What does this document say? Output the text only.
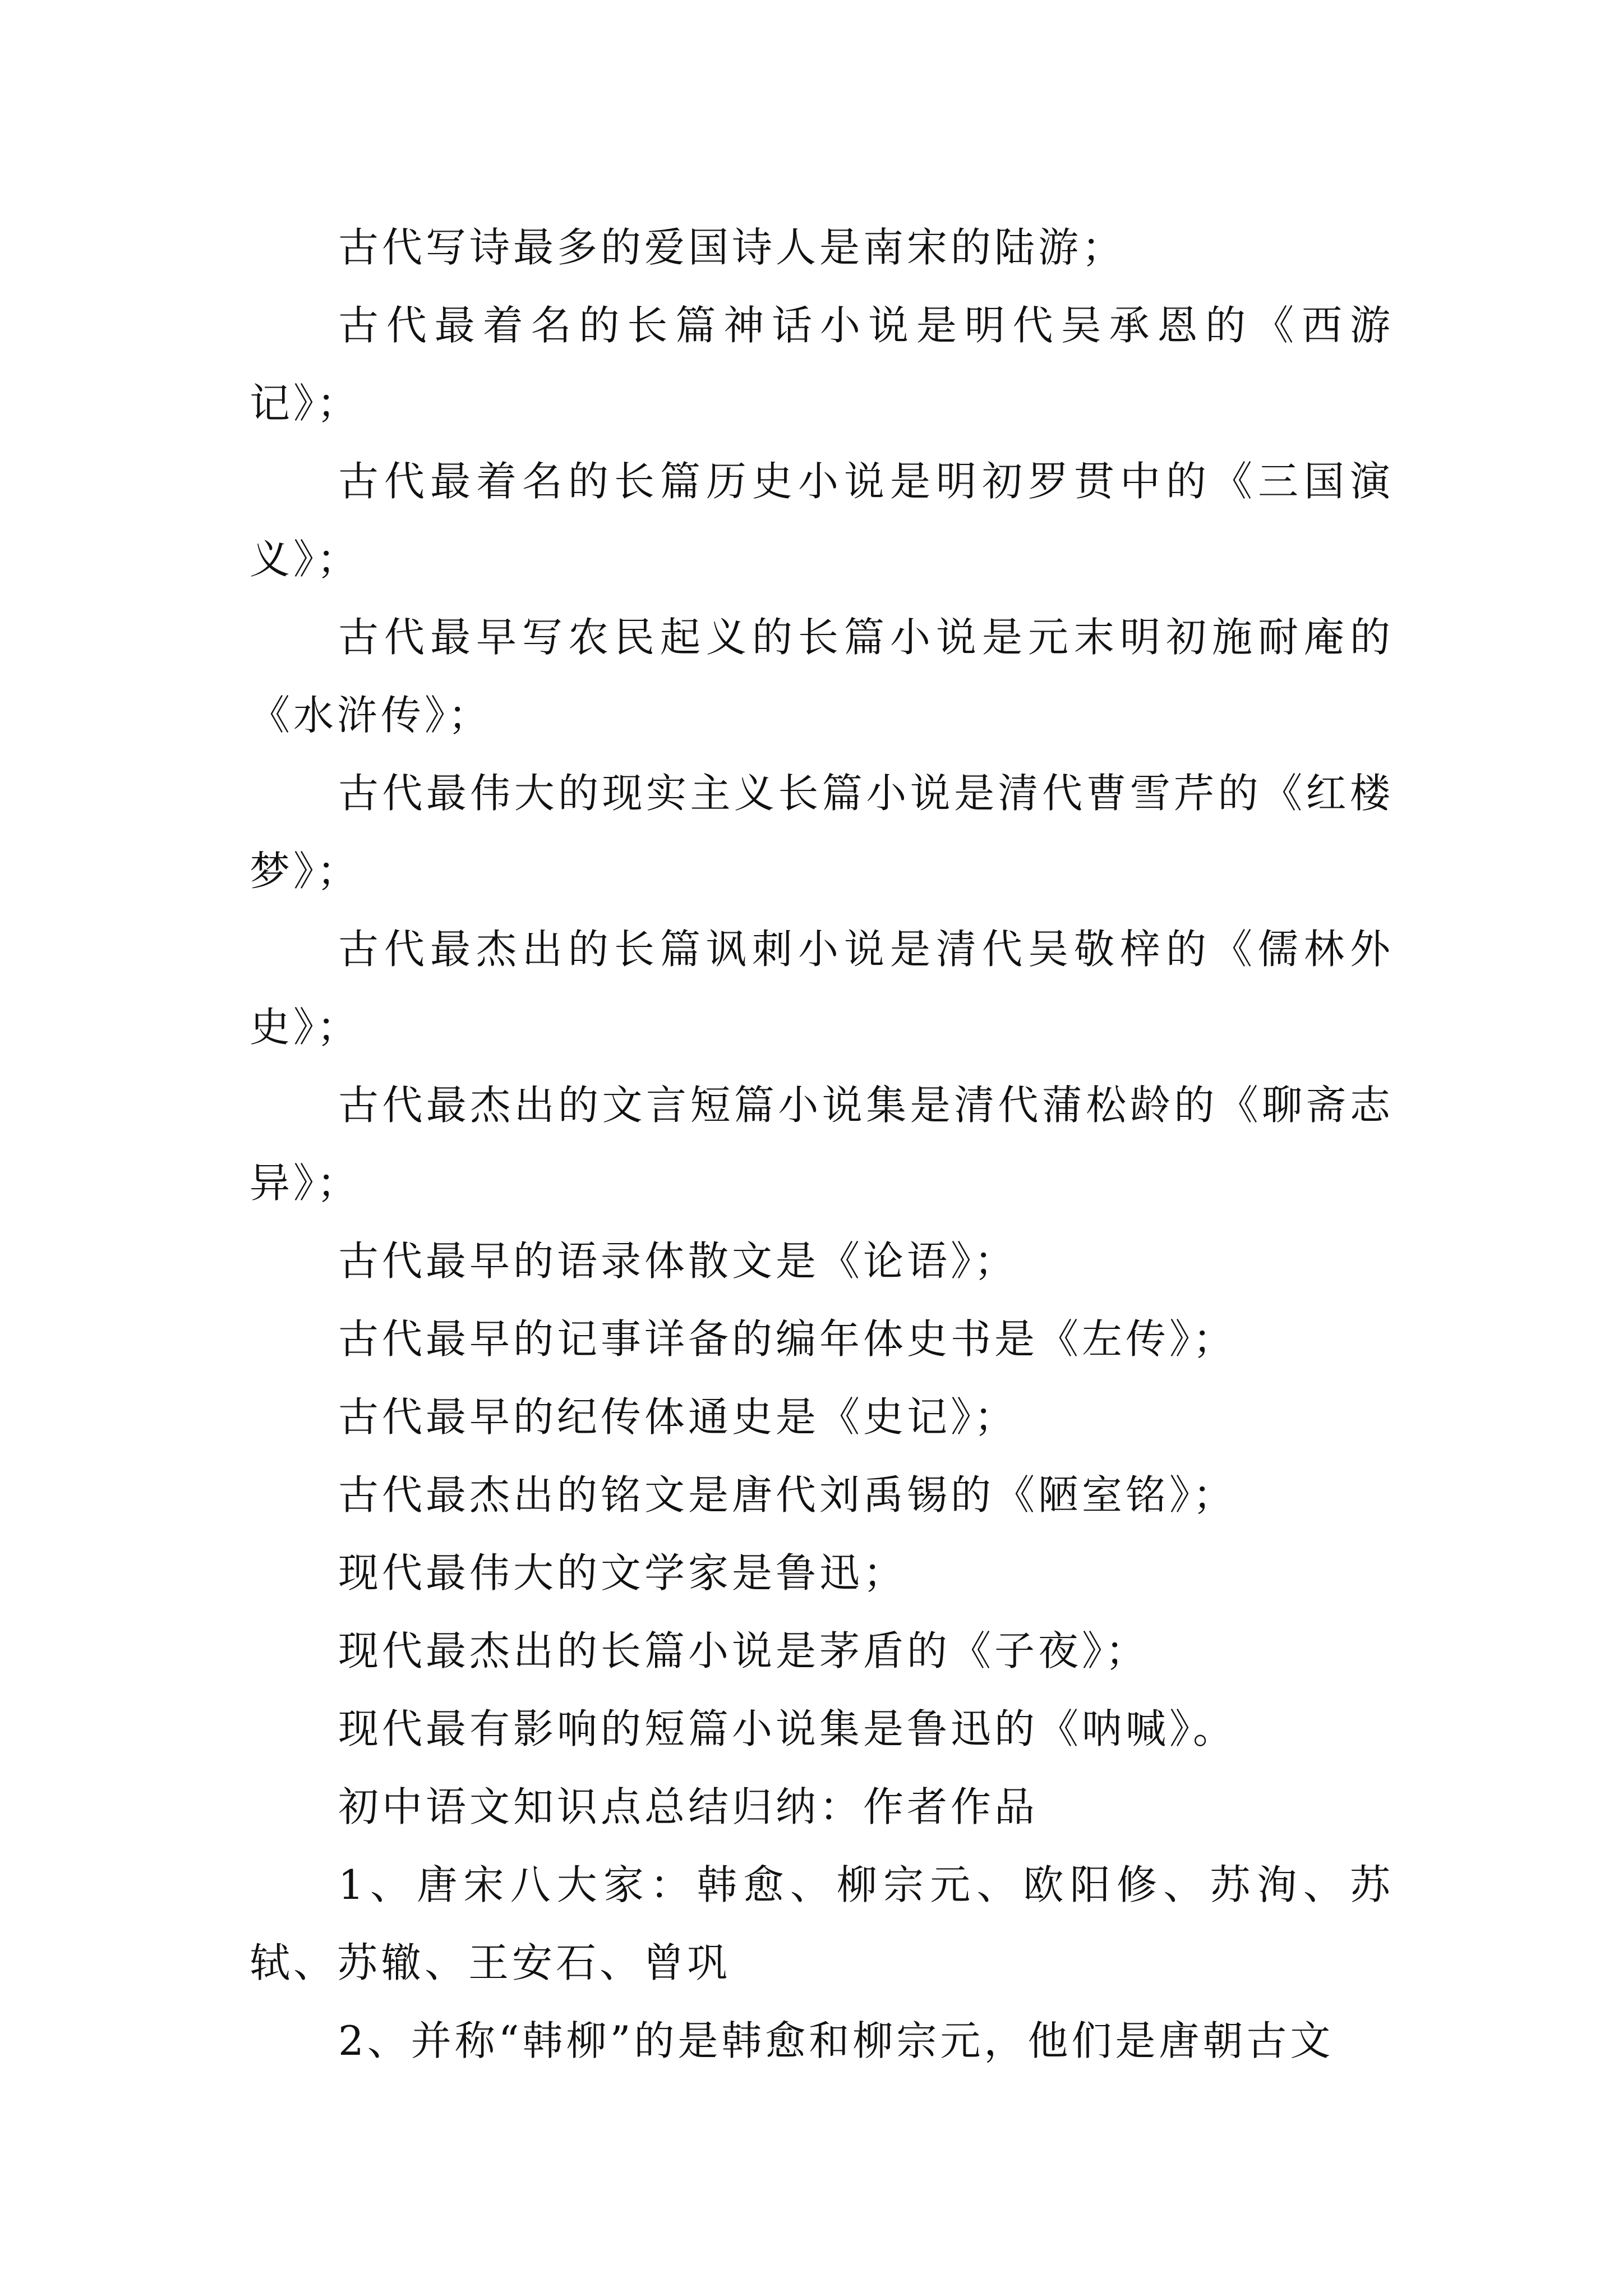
古代写诗最多的爱国诗人是南宋的陆游；

古代最着名的长篇神话小说是明代吴承恩的《西游记》；

古代最着名的长篇历史小说是明初罗贯中的《三国演义》；

古代最早写农民起义的长篇小说是元末明初施耐庵的《水浒传》；

古代最伟大的现实主义长篇小说是清代曹雪芹的《红楼梦》；

古代最杰出的长篇讽刺小说是清代吴敬梓的《儒林外史》；

古代最杰出的文言短篇小说集是清代蒲松龄的《聊斋志异》；

古代最早的语录体散文是《论语》；

古代最早的记事详备的编年体史书是《左传》；

古代最早的纪传体通史是《史记》；

古代最杰出的铭文是唐代刘禹锡的《陋室铭》；

现代最伟大的文学家是鲁迅；

现代最杰出的长篇小说是茅盾的《子夜》；

现代最有影响的短篇小说集是鲁迅的《呐喊》。

初中语文知识点总结归纳：作者作品

1、唐宋八大家：韩愈、柳宗元、欧阳修、苏洵、苏轼、苏辙、王安石、曾巩

2、并称“韩柳”的是韩愈和柳宗元，他们是唐朝古文
